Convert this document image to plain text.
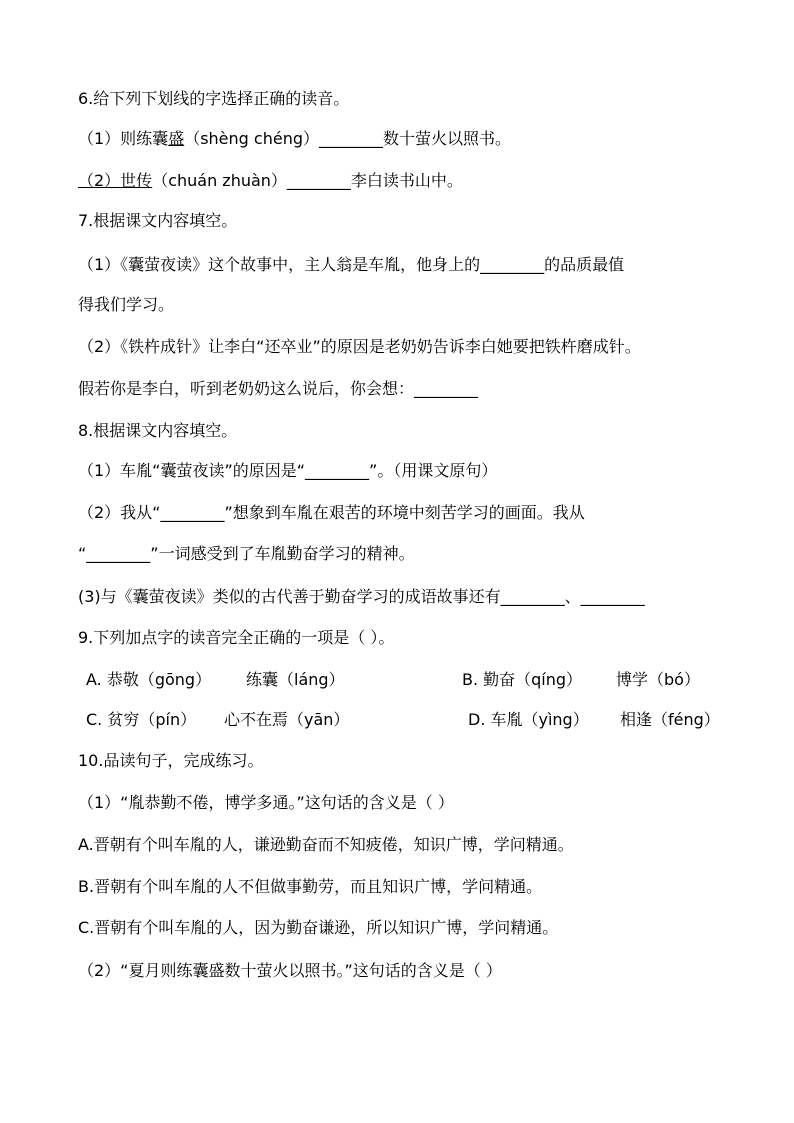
6.给下列下划线的字选择正确的读音。
（1）则练囊盛（shèng chéng）________数十萤火以照书。
（2）世传（chuán zhuàn）________李白读书山中。
7.根据课文内容填空。
（1）《囊萤夜读》这个故事中，主人翁是车胤，他身上的________的品质最值
得我们学习。
（2）《铁杵成针》让李白“还卒业”的原因是老奶奶告诉李白她要把铁杵磨成针。
假若你是李白，听到老奶奶这么说后，你会想：________
8.根据课文内容填空。
（1）车胤“囊萤夜读”的原因是“________”。（用课文原句）
（2）我从“________”想象到车胤在艰苦的环境中刻苦学习的画面。我从
“________”一词感受到了车胤勤奋学习的精神。
(3)与《囊萤夜读》类似的古代善于勤奋学习的成语故事还有________、________
9.下列加点字的读音完全正确的一项是（ ）。
A. 恭敬（gōng） 练囊（láng）	B. 勤奋（qíng） 博学（bó）
C. 贫穷（pín） 心不在焉（yān）	D. 车胤（yìng） 相逢（féng）
10.品读句子，完成练习。
（1）“胤恭勤不倦，博学多通。”这句话的含义是（ ）
A.晋朝有个叫车胤的人，谦逊勤奋而不知疲倦，知识广博，学问精通。
B.晋朝有个叫车胤的人不但做事勤劳，而且知识广博，学问精通。
C.晋朝有个叫车胤的人，因为勤奋谦逊，所以知识广博，学问精通。
（2）“夏月则练囊盛数十萤火以照书。”这句话的含义是（ ）
